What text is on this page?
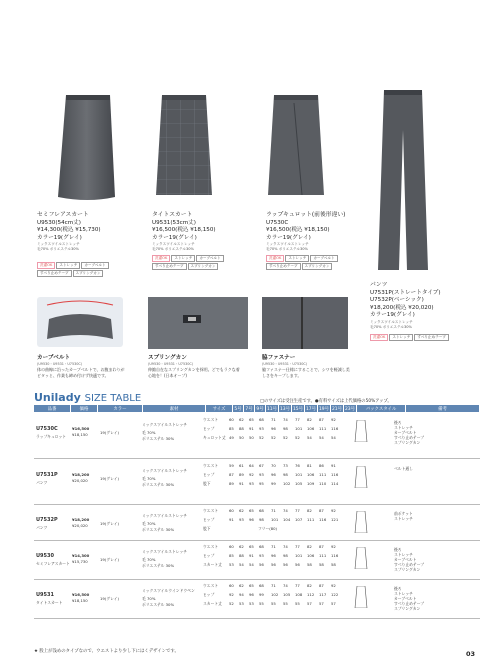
セミフレアスカート
U9530(54cm丈)
¥14,300(税込 ¥15,730)
カラー19(グレイ)
ミックスツイルストレッチ
毛70% ポリエステル30%
洗濯OK	ストレッチ	カーブベルト
すべり止めテープ	スプリングカン
タイトスカート
U9531(53cm丈)
¥16,500(税込 ¥18,150)
カラー19(グレイ)
ミックスツイルストレッチ
毛70% ポリエステル30%
洗濯OK	ストレッチ	カーブベルト
すべり止めテープ	スプリングカン
ラップキュロット(前後形違い)
U7530C
¥16,500(税込 ¥18,150)
カラー19(グレイ)
ミックスツイルストレッチ
毛70% ポリエステル30%
洗濯OK	ストレッチ	カーブベルト
すべり止めテープ	スプリングカン
パンツ
U7531P(ストレートタイプ)
U7532P(ベーシック)
¥18,200(税込 ¥20,020)
カラー19(グレイ)
ミックスツイルストレッチ
毛70% ポリエステル30%
洗濯OK	ストレッチ	すべり止めテープ
カーブベルト
(U9530・U9531・U7530C)
体の曲線に沿ったカーブベルトで、お腹まわりがピタッと、作業も締め付けず快適です。
スプリングカン
(U9530・U9531・U7530C)
伸縮自在なスプリングカンを採用。どでもラクな着心地を！(日本オープ)
脇ファスナー
(U9530・U9531・U7530C)
脇ファスナー仕様にすることで、シワを軽減し美しさをキープします。
Unilady SIZE TABLE	□のサイズは受注生産です。●有料サイズは上代価格の50%アップ。
品番	価格	カラー	素材	サイズ	5号	7号	9号	11号	13号	15号	17号	19号	21号	23号	バックスタイル	備考
U7530C
ラップキュロット
¥16,500
¥18,150	19(グレイ)
ミックスツイルストレッチ
毛 70%
ポリエステル 30%
ウエスト	60 62 65 68 71 74 77 82 87 92
ヒップ	85 88 91 93 96 98 101 106 111 116
キュロット丈 49 50 50 52 52 52 52 54 54 54
後ろ
ストレッチ
カーブベルト
すべり止めテープ
スプリングカン
U7531P
パンツ
¥18,200
¥20,020	19(グレイ)
ミックスツイルストレッチ
毛 70%
ポリエステル 30%
ウエスト	59 61 64 67 70 73 76 81 86 91
ヒップ	87 89 92 93 96 98 101 106 111 116
股下	89 91 93 95 99 102 105 109 110 114
ベルト通し
U7532P
パンツ
¥18,200
¥20,020	19(グレイ)
ミックスツイルストレッチ
毛 70%
ポリエステル 30%
ウエスト	60 62 65 68 71 74 77 82 87 92
ヒップ	91 93 96 98 101 104 107 111 116 121
股下	フリー(80)
前ポケット
ストレッチ
U9530
セミフレアスカート
¥14,300
¥15,730	19(グレイ)
ミックスツイルストレッチ
毛 70%
ポリエステル 30%
ウエスト	60 62 65 68 71 74 77 82 87 92
ヒップ	85 88 91 93 96 98 101 106 111 116
スカート丈 53 54 54 56 56 56 56 58 58 58
後ろ
ストレッチ
カーブベルト
すべり止めテープ
スプリングカン
U9531
タイトスカート
¥16,500
¥18,150	19(グレイ)
ミックスツイルウインドウペン
毛 70%
ポリエステル 30%
ウエスト	60 62 65 68 71 74 77 82 87 92
ヒップ	92 94 96 99 102 105 108 112 117 122
スカート丈 52 53 53 55 55 55 55 57 57 57
後ろ
ストレッチ
カーブベルト
すべり止めテープ
スプリングカン
★ 股上が浅めのタイプなので、ウエストより少し下にはくデザインです。	03
